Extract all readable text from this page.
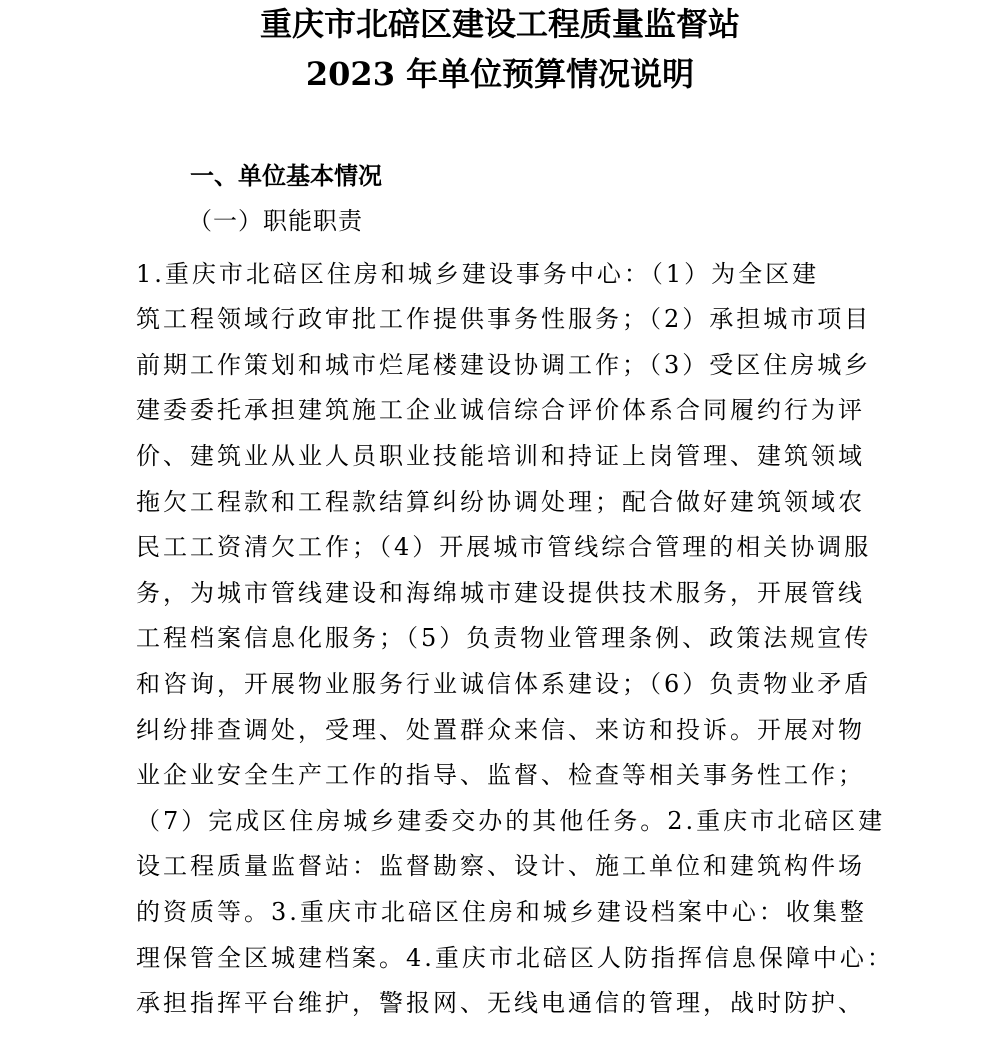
重庆市北碚区建设工程质量监督站
2023 年单位预算情况说明
一、单位基本情况
（一）职能职责
1.重庆市北碚区住房和城乡建设事务中心：（1）为全区建
筑工程领域行政审批工作提供事务性服务；（2）承担城市项目
前期工作策划和城市烂尾楼建设协调工作；（3）受区住房城乡
建委委托承担建筑施工企业诚信综合评价体系合同履约行为评
价、建筑业从业人员职业技能培训和持证上岗管理、建筑领域
拖欠工程款和工程款结算纠纷协调处理；配合做好建筑领域农
民工工资清欠工作；（4）开展城市管线综合管理的相关协调服
务，为城市管线建设和海绵城市建设提供技术服务，开展管线
工程档案信息化服务；（5）负责物业管理条例、政策法规宣传
和咨询，开展物业服务行业诚信体系建设；（6）负责物业矛盾
纠纷排查调处，受理、处置群众来信、来访和投诉。开展对物
业企业安全生产工作的指导、监督、检查等相关事务性工作；
（7）完成区住房城乡建委交办的其他任务。2.重庆市北碚区建
设工程质量监督站：监督勘察、设计、施工单位和建筑构件场
的资质等。3.重庆市北碚区住房和城乡建设档案中心：收集整
理保管全区城建档案。4.重庆市北碚区人防指挥信息保障中心：
承担指挥平台维护，警报网、无线电通信的管理，战时防护、
